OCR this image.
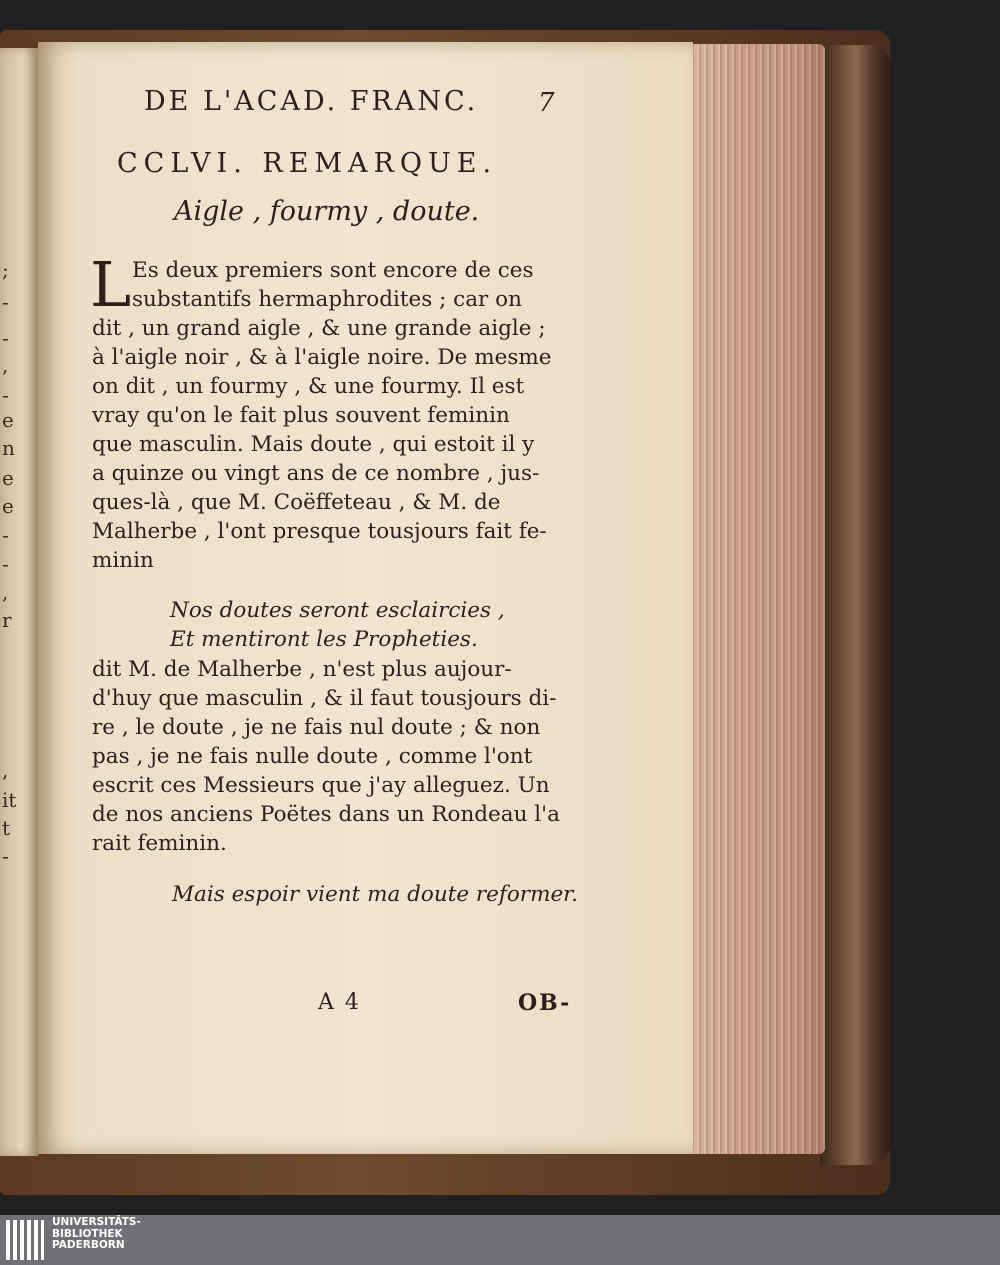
;
-
-
,
-
e
n
e
e
-
-
,
r
,
it
t
-
DE L'ACAD. FRANC. 7
CCLVI. REMARQUE.
Aigle , fourmy , doute.
L Es deux premiers sont encore de ces
substantifs hermaphrodites ; car on
dit , un grand aigle , & une grande aigle ;
à l'aigle noir , & à l'aigle noire. De mesme
on dit , un fourmy , & une fourmy. Il est
vray qu'on le fait plus souvent feminin
que masculin. Mais doute , qui estoit il y
a quinze ou vingt ans de ce nombre , jus-
ques-là , que M. Coëffeteau , & M. de
Malherbe , l'ont presque tousjours fait fe-
minin
Nos doutes seront esclaircies ,
Et mentiront les Propheties.
dit M. de Malherbe , n'est plus aujour-
d'huy que masculin , & il faut tousjours di-
re , le doute , je ne fais nul doute ; & non
pas , je ne fais nulle doute , comme l'ont
escrit ces Messieurs que j'ay alleguez. Un
de nos anciens Poëtes dans un Rondeau l'a
rait feminin.
Mais espoir vient ma doute reformer.
A 4	OB-
UNIVERSITÄTS-
BIBLIOTHEK
PADERBORN
